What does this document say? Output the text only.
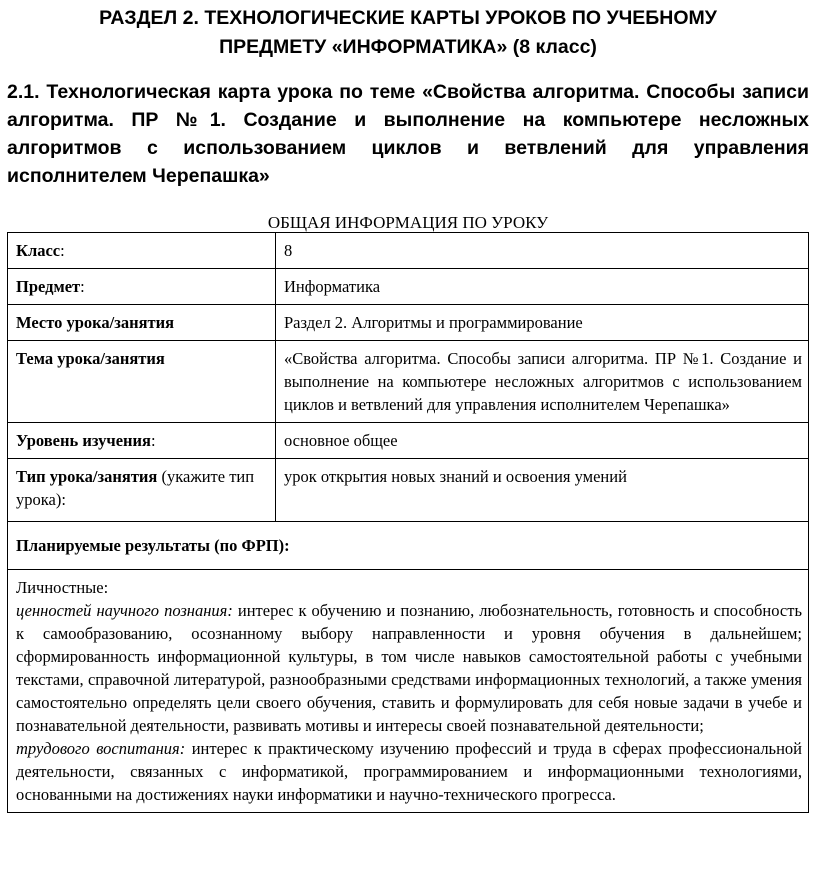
РАЗДЕЛ 2. ТЕХНОЛОГИЧЕСКИЕ КАРТЫ УРОКОВ ПО УЧЕБНОМУ
ПРЕДМЕТУ «ИНФОРМАТИКА» (8 класс)
2.1. Технологическая карта урока по теме «Свойства алгоритма. Способы записи алгоритма. ПР №1. Создание и выполнение на компьютере несложных алгоритмов с использованием циклов и ветвлений для управления исполнителем Черепашка»
ОБЩАЯ ИНФОРМАЦИЯ ПО УРОКУ
Класс:	8
Предмет:	Информатика
Место урока/занятия	Раздел 2. Алгоритмы и программирование
Тема урока/занятия	«Свойства алгоритма. Способы записи алгоритма. ПР №1. Создание и выполнение на компьютере несложных алгоритмов с использованием циклов и ветвлений для управления исполнителем Черепашка»
Уровень изучения:	основное общее
Тип урока/занятия (укажите тип урока):	урок открытия новых знаний и освоения умений
Планируемые результаты (по ФРП):	

Личностные:

ценностей научного познания: интерес к обучению и познанию, любознательность, готовность и способность к самообразованию, осознанному выбору направленности и уровня обучения в дальнейшем; сформированность информационной культуры, в том числе навыков самостоятельной работы с учебными текстами, справочной литературой, разнообразными средствами информационных технологий, а также умения самостоятельно определять цели своего обучения, ставить и формулировать для себя новые задачи в учебе и познавательной деятельности, развивать мотивы и интересы своей познавательной деятельности;

трудового воспитания: интерес к практическому изучению профессий и труда в сферах профессиональной деятельности, связанных с информатикой, программированием и информационными технологиями, основанными на достижениях науки информатики и научно-технического прогресса.	
